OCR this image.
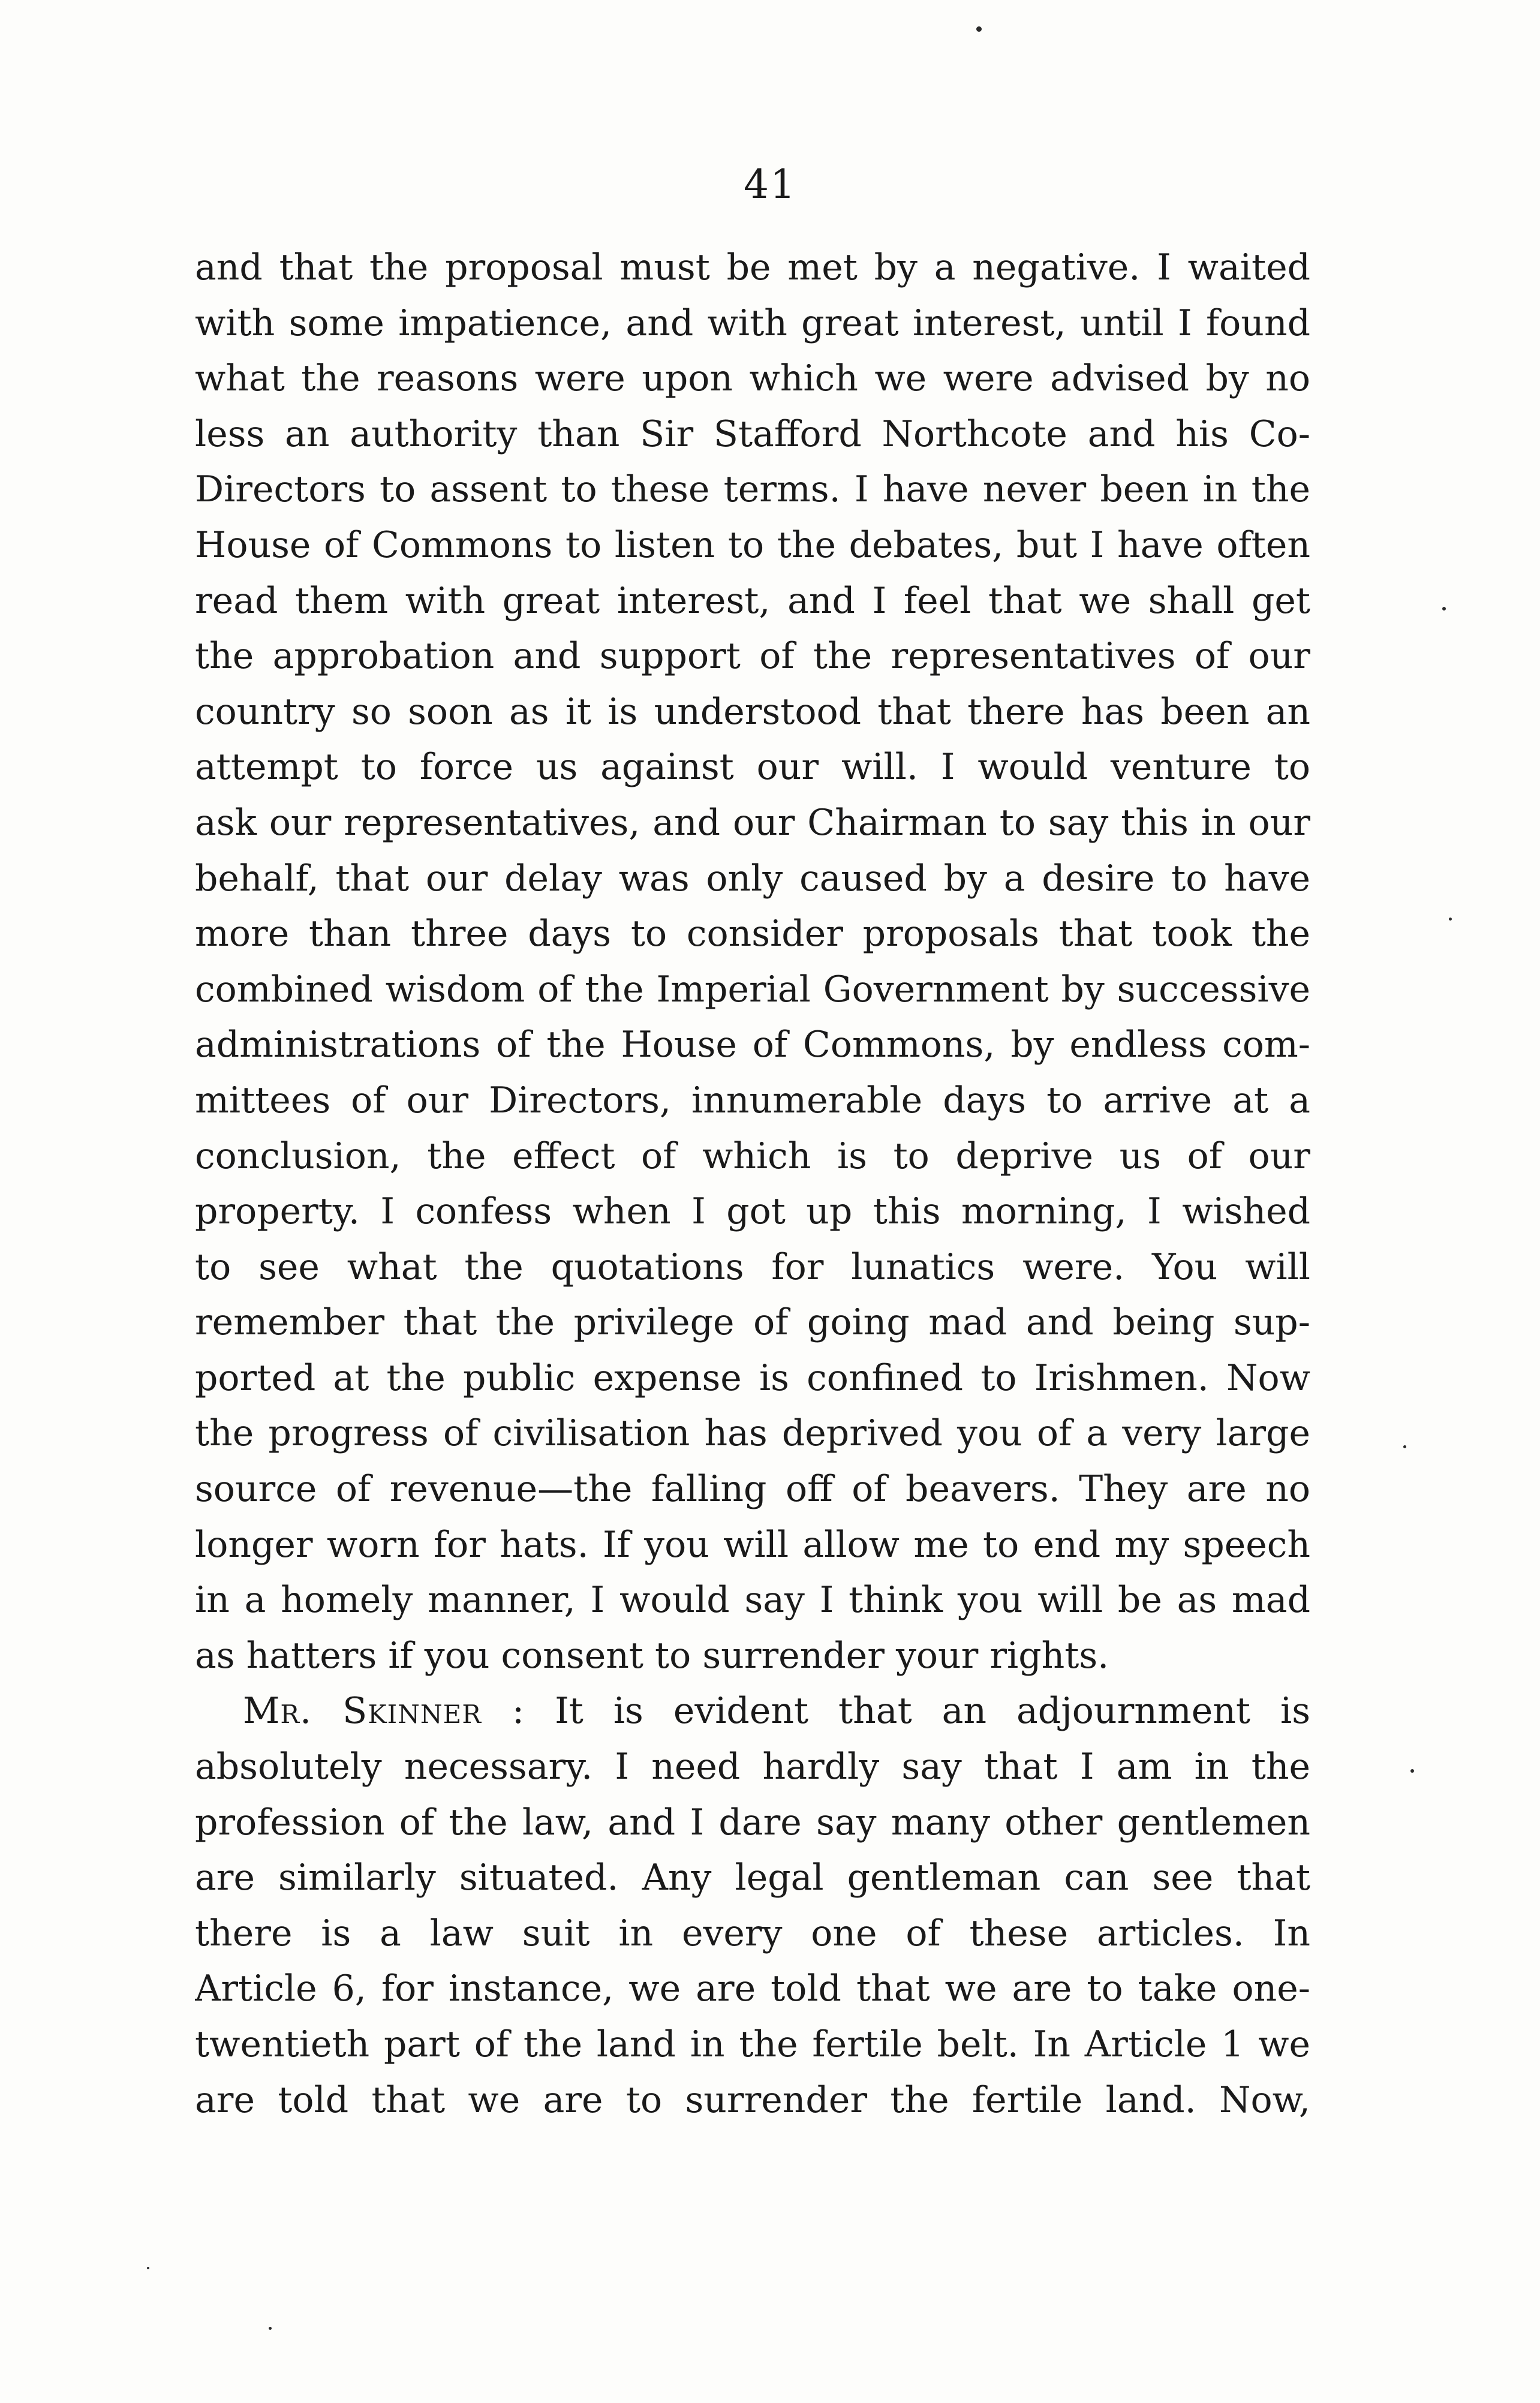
41
and that the proposal must be met by a negative. I waited
with some impatience, and with great interest, until I found
what the reasons were upon which we were advised by no
less an authority than Sir Stafford Northcote and his Co-
Directors to assent to these terms. I have never been in the
House of Commons to listen to the debates, but I have often
read them with great interest, and I feel that we shall get
the approbation and support of the representatives of our
country so soon as it is understood that there has been an
attempt to force us against our will. I would venture to
ask our representatives, and our Chairman to say this in our
behalf, that our delay was only caused by a desire to have
more than three days to consider proposals that took the
combined wisdom of the Imperial Government by successive
administrations of the House of Commons, by endless com-
mittees of our Directors, innumerable days to arrive at a
conclusion, the effect of which is to deprive us of our
property. I confess when I got up this morning, I wished
to see what the quotations for lunatics were. You will
remember that the privilege of going mad and being sup-
ported at the public expense is confined to Irishmen. Now
the progress of civilisation has deprived you of a very large
source of revenue—the falling off of beavers. They are no
longer worn for hats. If you will allow me to end my speech
in a homely manner, I would say I think you will be as mad
as hatters if you consent to surrender your rights.
Mr. Skinner : It is evident that an adjournment is
absolutely necessary. I need hardly say that I am in the
profession of the law, and I dare say many other gentlemen
are similarly situated. Any legal gentleman can see that
there is a law suit in every one of these articles. In
Article 6, for instance, we are told that we are to take one-
twentieth part of the land in the fertile belt. In Article 1 we
are told that we are to surrender the fertile land. Now,
